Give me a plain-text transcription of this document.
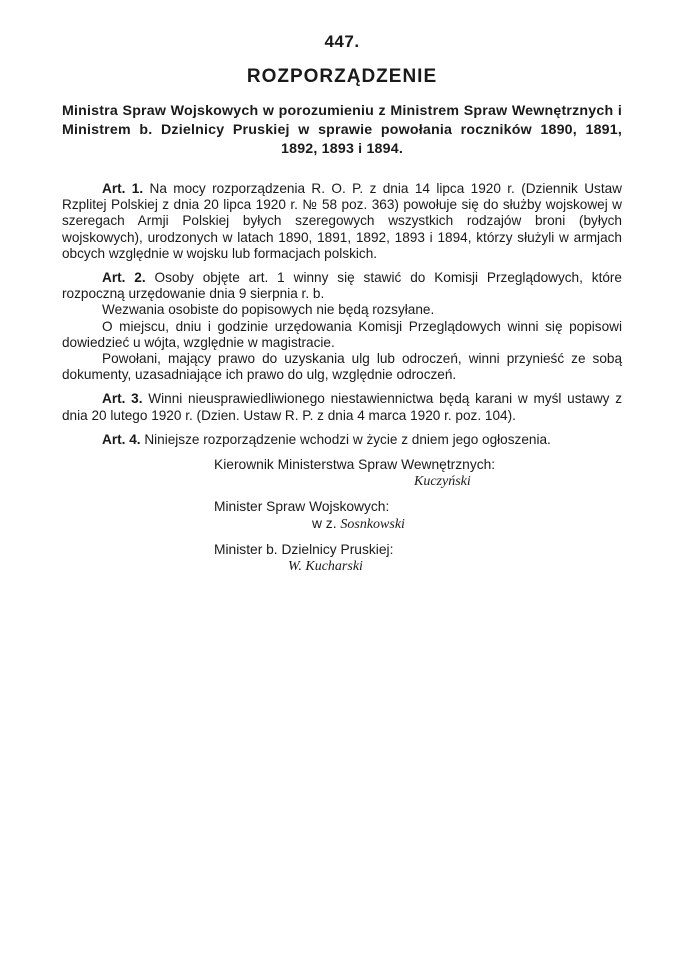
447.
ROZPORZĄDZENIE
Ministra Spraw Wojskowych w porozumieniu z Ministrem Spraw Wewnętrznych i Ministrem b. Dzielnicy Pruskiej w sprawie powołania roczników 1890, 1891, 1892, 1893 i 1894.

Art. 1. Na mocy rozporządzenia R. O. P. z dnia 14 lipca 1920 r. (Dziennik Ustaw Rzplitej Polskiej z dnia 20 lipca 1920 r. № 58 poz. 363) powołuje się do służby wojskowej w szeregach Armji Polskiej byłych szeregowych wszystkich rodzajów broni (byłych wojskowych), urodzonych w latach 1890, 1891, 1892, 1893 i 1894, którzy służyli w armjach obcych względnie w wojsku lub formacjach polskich.

Art. 2. Osoby objęte art. 1 winny się stawić do Komisji Przeglądowych, które rozpoczną urzędowanie dnia 9 sierpnia r. b.

Wezwania osobiste do popisowych nie będą rozsyłane.

O miejscu, dniu i godzinie urzędowania Komisji Przeglądowych winni się popisowi dowiedzieć u wójta, względnie w magistracie.

Powołani, mający prawo do uzyskania ulg lub odroczeń, winni przynieść ze sobą dokumenty, uzasadniające ich prawo do ulg, względnie odroczeń.

Art. 3. Winni nieusprawiedliwionego niestawiennictwa będą karani w myśl ustawy z dnia 20 lutego 1920 r. (Dzien. Ustaw R. P. z dnia 4 marca 1920 r. poz. 104).

Art. 4. Niniejsze rozporządzenie wchodzi w życie z dniem jego ogłoszenia.

Kierownik Ministerstwa Spraw Wewnętrznych:
Kuczyński
Minister Spraw Wojskowych:
w z. Sosnkowski
Minister b. Dzielnicy Pruskiej:
W. Kucharski
